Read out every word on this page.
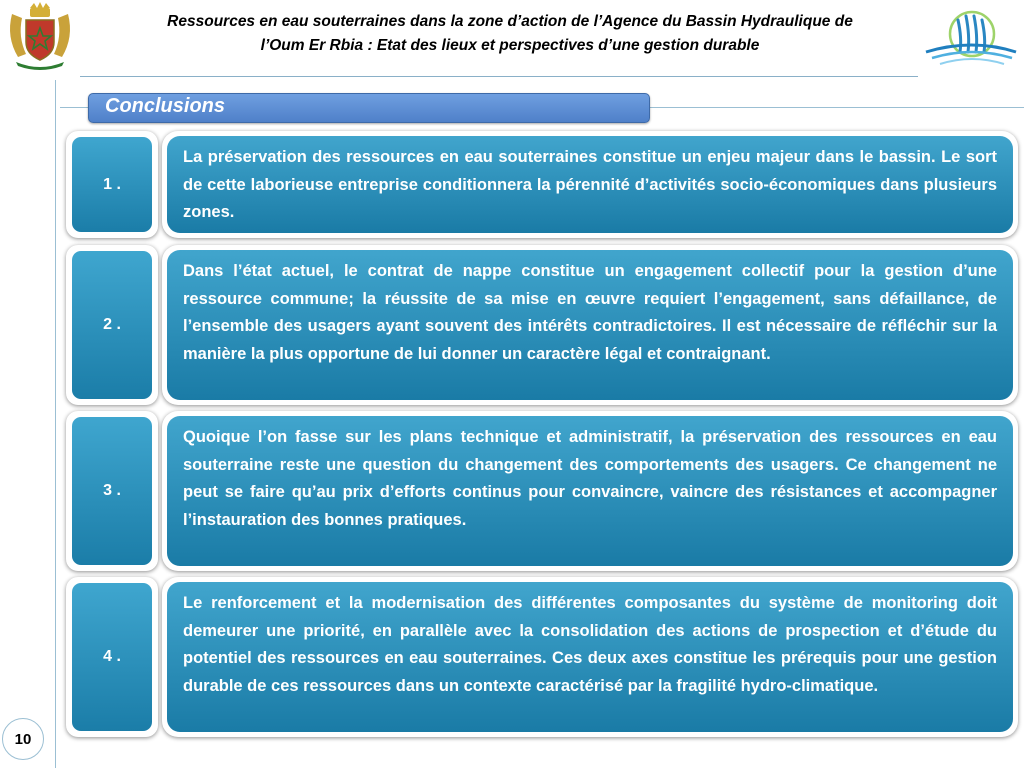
Ressources en eau souterraines dans la zone d’action de l’Agence du Bassin Hydraulique de
l’Oum Er Rbia : Etat des lieux et perspectives d’une gestion durable
Conclusions
1 .
La préservation des ressources en eau souterraines constitue un enjeu majeur dans le bassin. Le sort de cette laborieuse entreprise conditionnera la pérennité d’activités socio-économiques dans plusieurs zones.
2 .
Dans l’état actuel, le contrat de nappe constitue un engagement collectif pour la gestion d’une ressource commune; la réussite de sa mise en œuvre requiert l’engagement, sans défaillance, de l’ensemble des usagers ayant souvent des intérêts contradictoires. Il est nécessaire de réfléchir sur la manière la plus opportune de lui donner un caractère légal et contraignant.
3 .
Quoique l’on fasse sur les plans technique et administratif, la préservation des ressources en eau souterraine reste une question du changement des comportements des usagers. Ce changement ne peut se faire qu’au prix d’efforts continus pour convaincre, vaincre des résistances et accompagner l’instauration des bonnes pratiques.
4 .
Le renforcement et la modernisation des différentes composantes du système de monitoring doit demeurer une priorité, en parallèle avec la consolidation des actions de prospection et d’étude du potentiel des ressources en eau souterraines. Ces deux axes constitue les prérequis pour une gestion durable de ces ressources dans un contexte caractérisé par la fragilité hydro-climatique.
10
